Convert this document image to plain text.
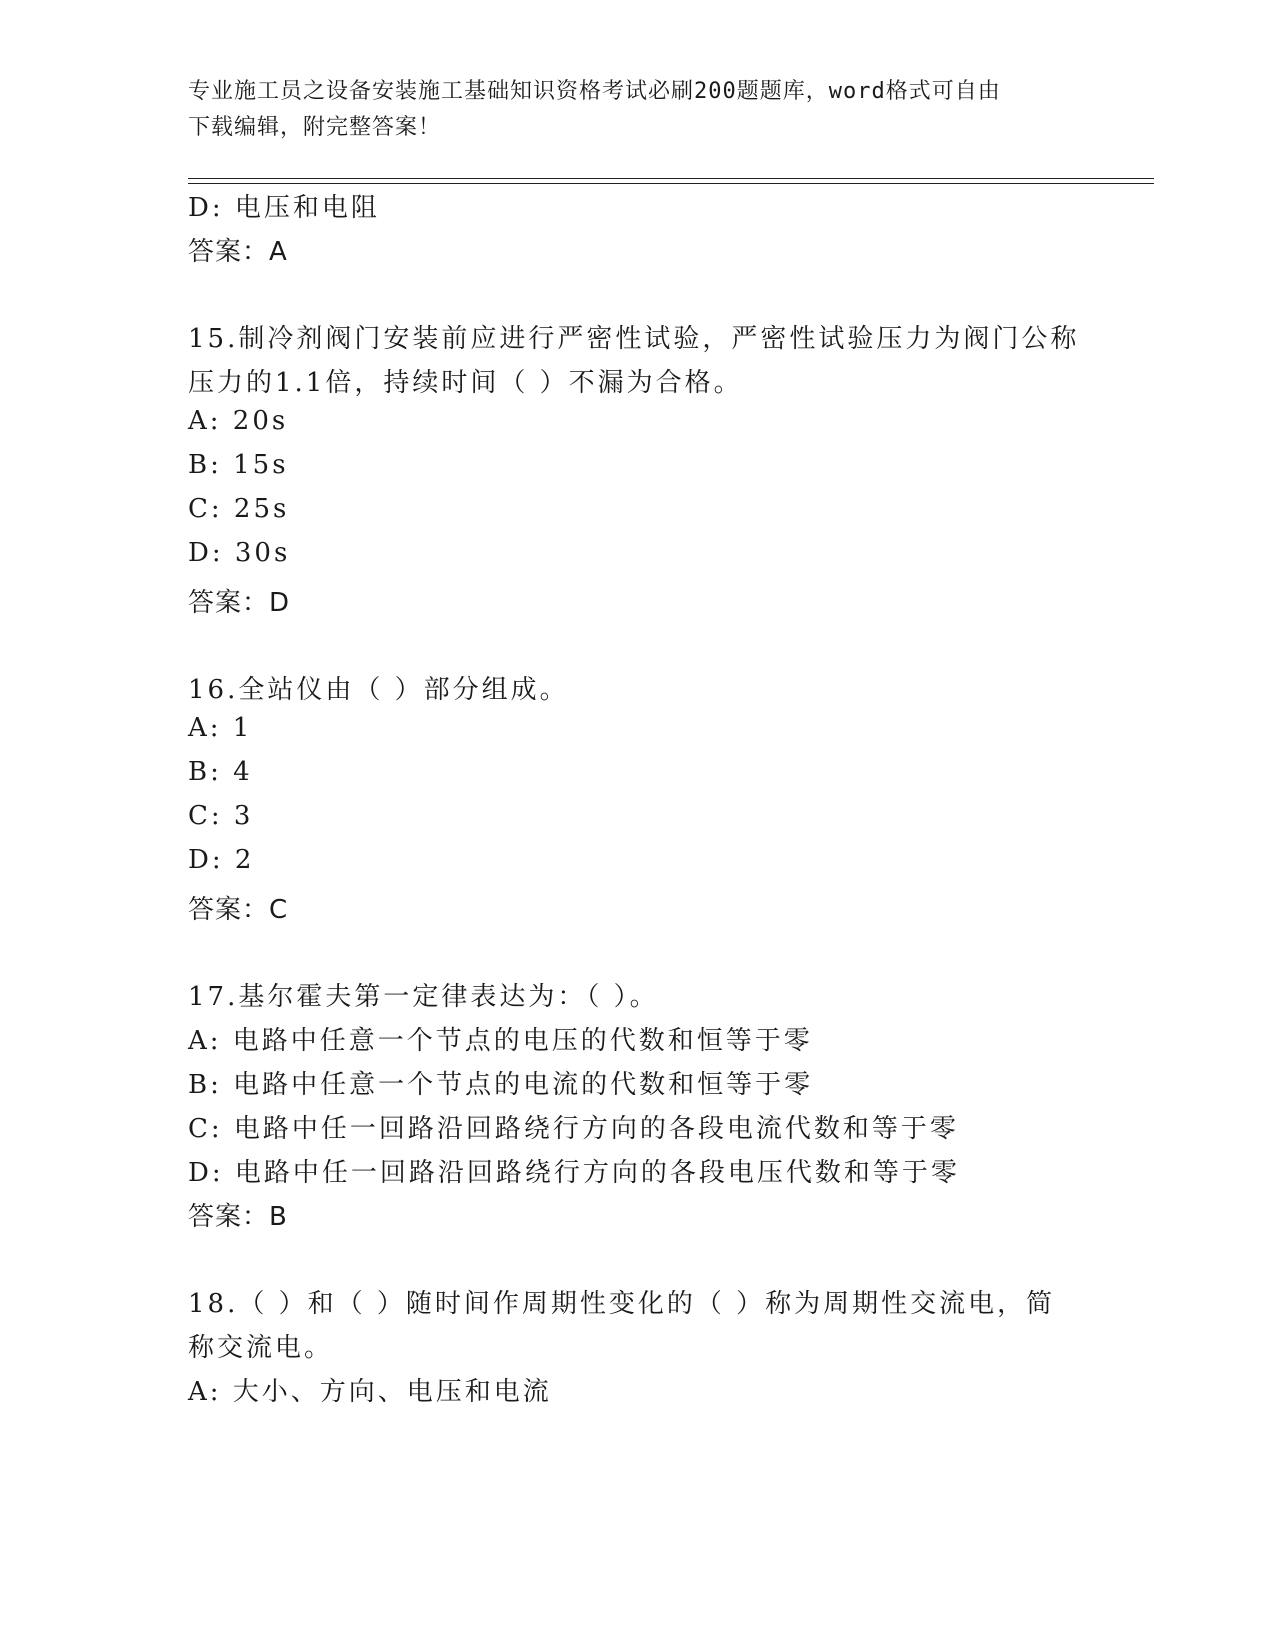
专业施工员之设备安装施工基础知识资格考试必刷200题题库，word格式可自由
下载编辑，附完整答案！
D: 电压和电阻
答案：A
15.制冷剂阀门安装前应进行严密性试验，严密性试验压力为阀门公称
压力的1.1倍，持续时间（ ）不漏为合格。
A: 20s
B: 15s
C: 25s
D: 30s
答案：D
16.全站仪由（ ）部分组成。
A: 1
B: 4
C: 3
D: 2
答案：C
17.基尔霍夫第一定律表达为：（ ）。
A: 电路中任意一个节点的电压的代数和恒等于零
B: 电路中任意一个节点的电流的代数和恒等于零
C: 电路中任一回路沿回路绕行方向的各段电流代数和等于零
D: 电路中任一回路沿回路绕行方向的各段电压代数和等于零
答案：B
18.（ ）和（ ）随时间作周期性变化的（ ）称为周期性交流电，简
称交流电。
A: 大小、方向、电压和电流
